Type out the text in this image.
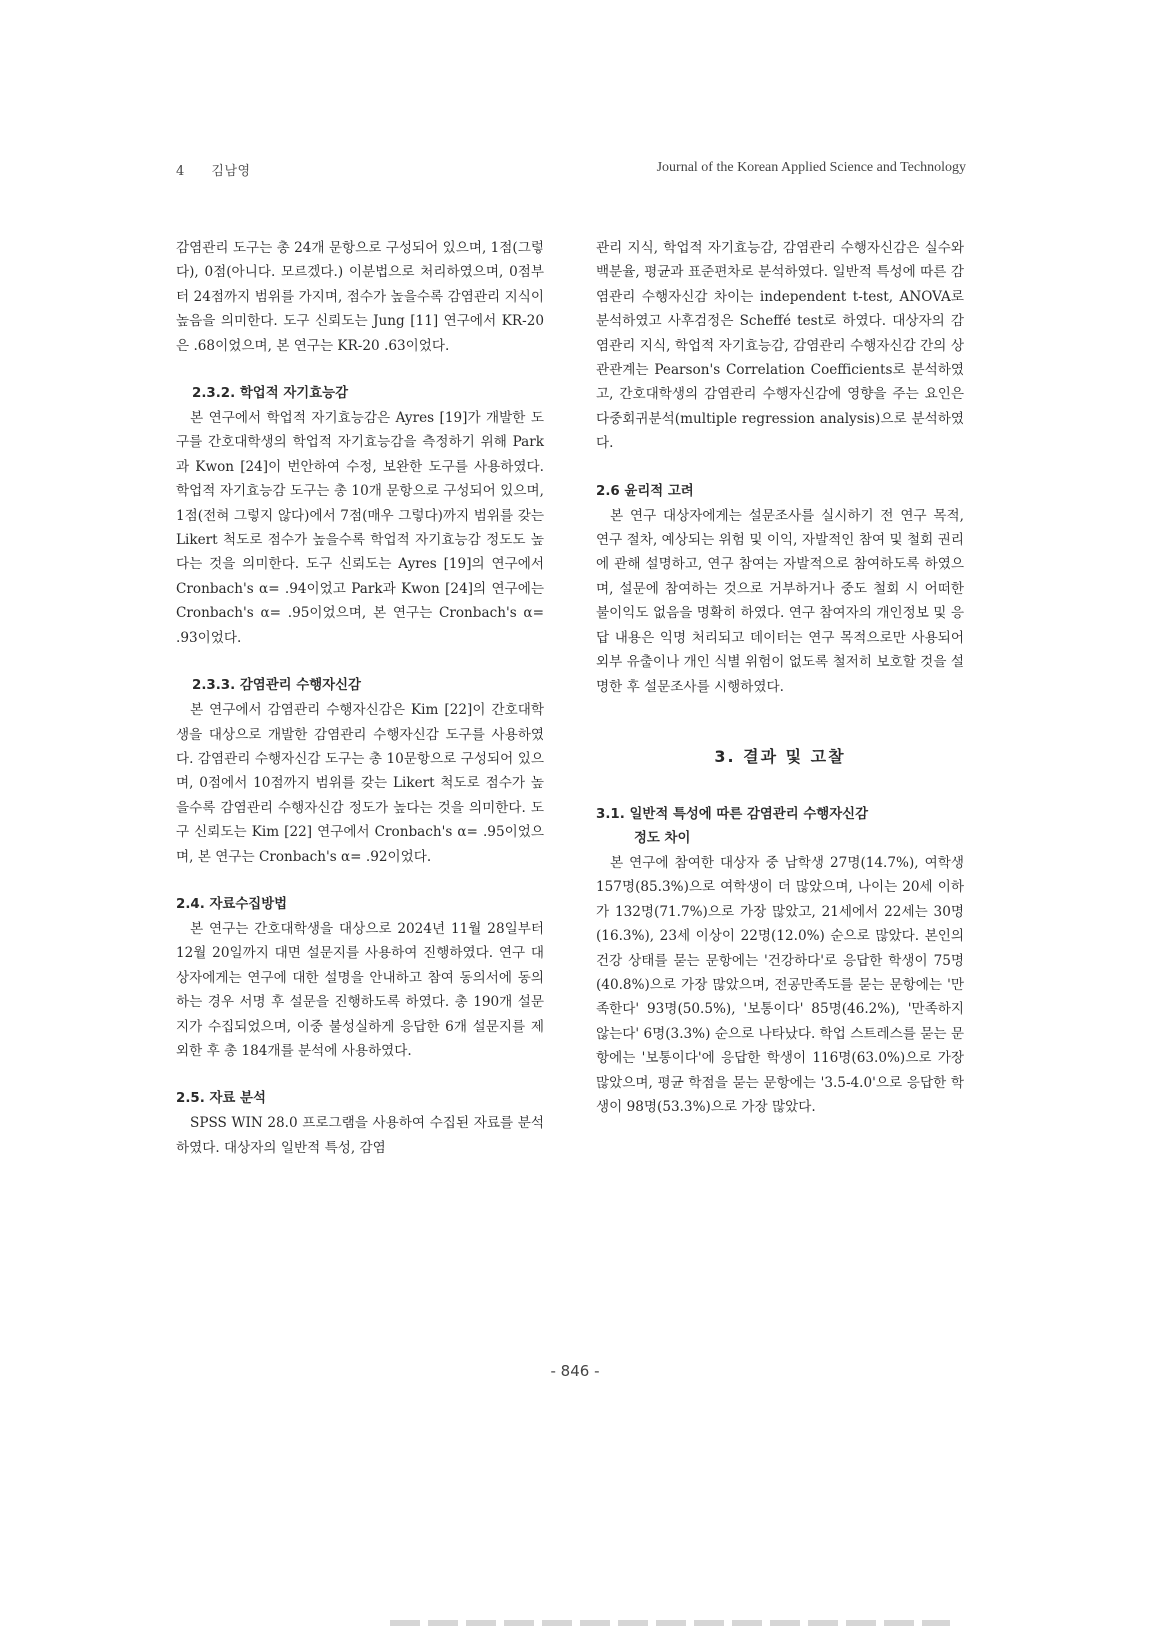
4 김남영	Journal of the Korean Applied Science and Technology

감염관리 도구는 총 24개 문항으로 구성되어 있으며, 1점(그렇다), 0점(아니다. 모르겠다.) 이분법으로 처리하였으며, 0점부터 24점까지 범위를 가지며, 점수가 높을수록 감염관리 지식이 높음을 의미한다. 도구 신뢰도는 Jung [11] 연구에서 KR-20은 .68이었으며, 본 연구는 KR-20 .63이었다.

2.3.2. 학업적 자기효능감

본 연구에서 학업적 자기효능감은 Ayres [19]가 개발한 도구를 간호대학생의 학업적 자기효능감을 측정하기 위해 Park과 Kwon [24]이 번안하여 수정, 보완한 도구를 사용하였다. 학업적 자기효능감 도구는 총 10개 문항으로 구성되어 있으며, 1점(전혀 그렇지 않다)에서 7점(매우 그렇다)까지 범위를 갖는 Likert 척도로 점수가 높을수록 학업적 자기효능감 정도도 높다는 것을 의미한다. 도구 신뢰도는 Ayres [19]의 연구에서 Cronbach's α= .94이었고 Park과 Kwon [24]의 연구에는 Cronbach's α= .95이었으며, 본 연구는 Cronbach's α= .93이었다.

2.3.3. 감염관리 수행자신감

본 연구에서 감염관리 수행자신감은 Kim [22]이 간호대학생을 대상으로 개발한 감염관리 수행자신감 도구를 사용하였다. 감염관리 수행자신감 도구는 총 10문항으로 구성되어 있으며, 0점에서 10점까지 범위를 갖는 Likert 척도로 점수가 높을수록 감염관리 수행자신감 정도가 높다는 것을 의미한다. 도구 신뢰도는 Kim [22] 연구에서 Cronbach's α= .95이었으며, 본 연구는 Cronbach's α= .92이었다.

2.4. 자료수집방법

본 연구는 간호대학생을 대상으로 2024년 11월 28일부터 12월 20일까지 대면 설문지를 사용하여 진행하였다. 연구 대상자에게는 연구에 대한 설명을 안내하고 참여 동의서에 동의하는 경우 서명 후 설문을 진행하도록 하였다. 총 190개 설문지가 수집되었으며, 이중 불성실하게 응답한 6개 설문지를 제외한 후 총 184개를 분석에 사용하였다.

2.5. 자료 분석

SPSS WIN 28.0 프로그램을 사용하여 수집된 자료를 분석하였다. 대상자의 일반적 특성, 감염

관리 지식, 학업적 자기효능감, 감염관리 수행자신감은 실수와 백분율, 평균과 표준편차로 분석하였다. 일반적 특성에 따른 감염관리 수행자신감 차이는 independent t-test, ANOVA로 분석하였고 사후검정은 Scheffé test로 하였다. 대상자의 감염관리 지식, 학업적 자기효능감, 감염관리 수행자신감 간의 상관관계는 Pearson's Correlation Coefficients로 분석하였고, 간호대학생의 감염관리 수행자신감에 영향을 주는 요인은 다중회귀분석(multiple regression analysis)으로 분석하였다.

2.6 윤리적 고려

본 연구 대상자에게는 설문조사를 실시하기 전 연구 목적, 연구 절차, 예상되는 위험 및 이익, 자발적인 참여 및 철회 권리에 관해 설명하고, 연구 참여는 자발적으로 참여하도록 하였으며, 설문에 참여하는 것으로 거부하거나 중도 철회 시 어떠한 불이익도 없음을 명확히 하였다. 연구 참여자의 개인정보 및 응답 내용은 익명 처리되고 데이터는 연구 목적으로만 사용되어 외부 유출이나 개인 식별 위험이 없도록 철저히 보호할 것을 설명한 후 설문조사를 시행하였다.

3. 결과 및 고찰
3.1. 일반적 특성에 따른 감염관리 수행자신감
정도 차이

본 연구에 참여한 대상자 중 남학생 27명(14.7%), 여학생 157명(85.3%)으로 여학생이 더 많았으며, 나이는 20세 이하가 132명(71.7%)으로 가장 많았고, 21세에서 22세는 30명(16.3%), 23세 이상이 22명(12.0%) 순으로 많았다. 본인의 건강 상태를 묻는 문항에는 '건강하다'로 응답한 학생이 75명(40.8%)으로 가장 많았으며, 전공만족도를 묻는 문항에는 '만족한다' 93명(50.5%), '보통이다' 85명(46.2%), '만족하지 않는다' 6명(3.3%) 순으로 나타났다. 학업 스트레스를 묻는 문항에는 '보통이다'에 응답한 학생이 116명(63.0%)으로 가장 많았으며, 평균 학점을 묻는 문항에는 '3.5-4.0'으로 응답한 학생이 98명(53.3%)으로 가장 많았다.

- 846 -
